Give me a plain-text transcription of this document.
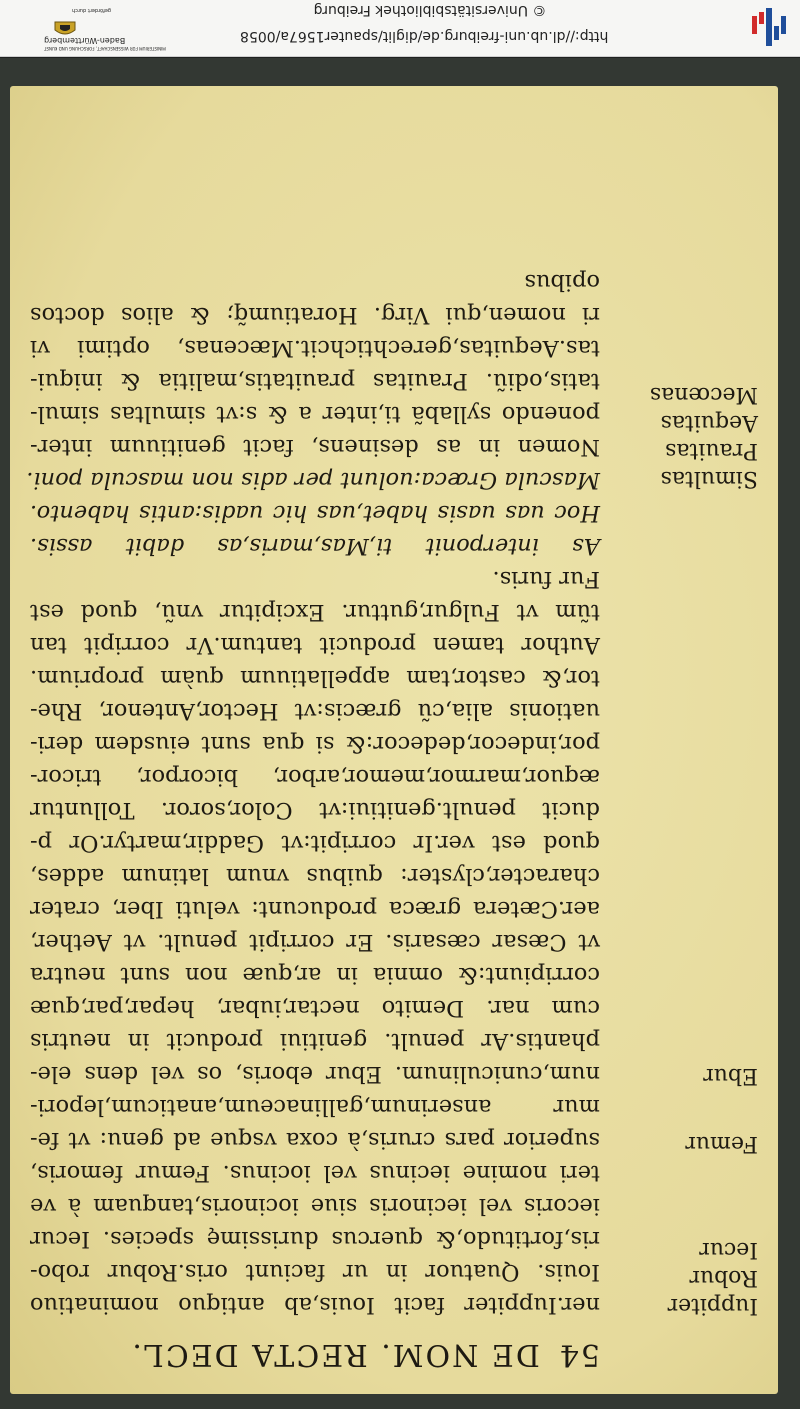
© Universitätsbibliothek Freiburg
http://dl.ub.uni-freiburg.de/diglit/spauter1567a/0058
MINISTERIUM FÜR WISSENSCHAFT, FORSCHUNG UND KUNST
Baden-Württemberg
gefördert durch
54DE NOM. RECTA DECL.
Iuppiter
Robur
Iecur
Femur
Ebur
Simultas
Prauitas
Aequitas
Mecœnas
ner.Iuppiter facit Iouis,ab antiquo nominatiuo
Iouis. Quatuor in ur faciunt oris.Robur robo-
ris,fortitudo,& quercus durissimę species. Iecur
iecoris vel iecinoris siue iocinoris,tanquam à ve
teri nomine iecinus vel iocinus. Femur femoris,
superior pars cruris,à coxa vsque ad genu: vt fe-
mur anserinum,gallinaceum,anaticum,lepori-
num,cuniculinum. Ebur eboris, os vel dens ele-
phantis.Ar penult. genitiui producit in neutris
cum nar. Demito nectar,iubar, hepar,par,quæ
corripiunt:& omnia in ar,quæ non sunt neutra
vt Cæsar cæsaris. Er corripit penult. vt Aether,
aer.Cætera græca producunt: veluti Iber, crater
character,clyster: quibus vnum latinum addes,
quod est ver.Ir corripit:vt Gaddir,martyr.Or p-
ducit penult.genitiui:vt Color,soror. Tolluntur
æquor,marmor,memor,arbor, bicorpor, tricor-
por,indecor,dedecor:& si qua sunt eiusdem deri-
uationis alia,cũ græcis:vt Hector,Antenor, Rhe-
tor,& castor,tam appellatiuum quàm proprium.
Author tamen producit tantum.Vr corripit tan
tũm vt Fulgur,guttur. Excipitur vnũ, quod est
Fur furis.
As interponit ti,Mas,maris,as dabit assis.
Hoc uas uasis habet,uas hic uadis:antis habento.
Mascula Græca:uolunt per adis non mascula poni.
Nomen in as desinens, facit genitiuum inter-
ponendo syllabã ti,inter a & s:vt simultas simul-
tatis,odiũ. Prauitas prauitatis,malitia & iniqui-
tas.Aequitas,gerechtichcit.Mæcenas, optimi vi
ri nomen,qui Virg. Horatiumq̃; & alios doctos
opibus
